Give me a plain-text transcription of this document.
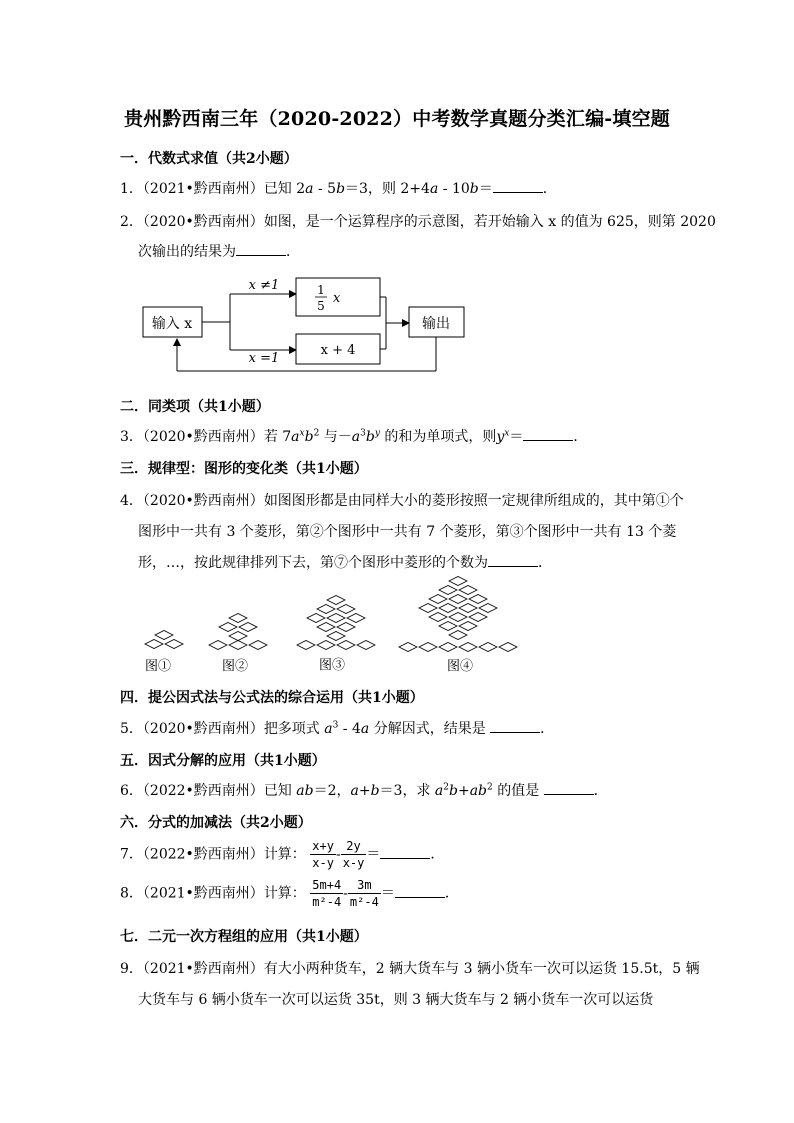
贵州黔西南三年（2020-2022）中考数学真题分类汇编-填空题
一．代数式求值（共2小题）
1．（2021•黔西南州）已知 2a - 5b＝3，则 2+4a - 10b＝	．
2．（2020•黔西南州）如图，是一个运算程序的示意图，若开始输入 x 的值为 625，则第 2020
次输出的结果为	．
输入 x
x ≠1
x =1
1
5 x
x + 4
输出
二．同类项（共1小题）
3．（2020•黔西南州）若 $7a^xb^2$ 与$-a^3b^y$ 的和为单项式，则$y^x=$	．
三．规律型：图形的变化类（共1小题）
4．（2020•黔西南州）如图图形都是由同样大小的菱形按照一定规律所组成的，其中第①个
图形中一共有 3 个菱形，第②个图形中一共有 7 个菱形，第③个图形中一共有 13 个菱
形，…，按此规律排列下去，第⑦个图形中菱形的个数为	．
图①	图②	图③	图④
四．提公因式法与公式法的综合运用（共1小题）
5．（2020•黔西南州）把多项式 $a^3 - 4a$ 分解因式，结果是	．
五．因式分解的应用（共1小题）
6．（2022•黔西南州）已知 ab＝2，a+b＝3，求 $a^2b+ab^2$ 的值是	．
六．分式的加减法（共2小题）
7．（2022•黔西南州）计算： $\frac{x+y}{x-y} - \frac{2y}{x-y}$ ＝	．
8．（2021•黔西南州）计算： $\frac{5m+4}{\text{m²-4}} - \frac{3m}{\text{m²-4}}$ ＝	．
七．二元一次方程组的应用（共1小题）
9．（2021•黔西南州）有大小两种货车，2 辆大货车与 3 辆小货车一次可以运货 15.5t，5 辆
大货车与 6 辆小货车一次可以运货 35t，则 3 辆大货车与 2 辆小货车一次可以运货
